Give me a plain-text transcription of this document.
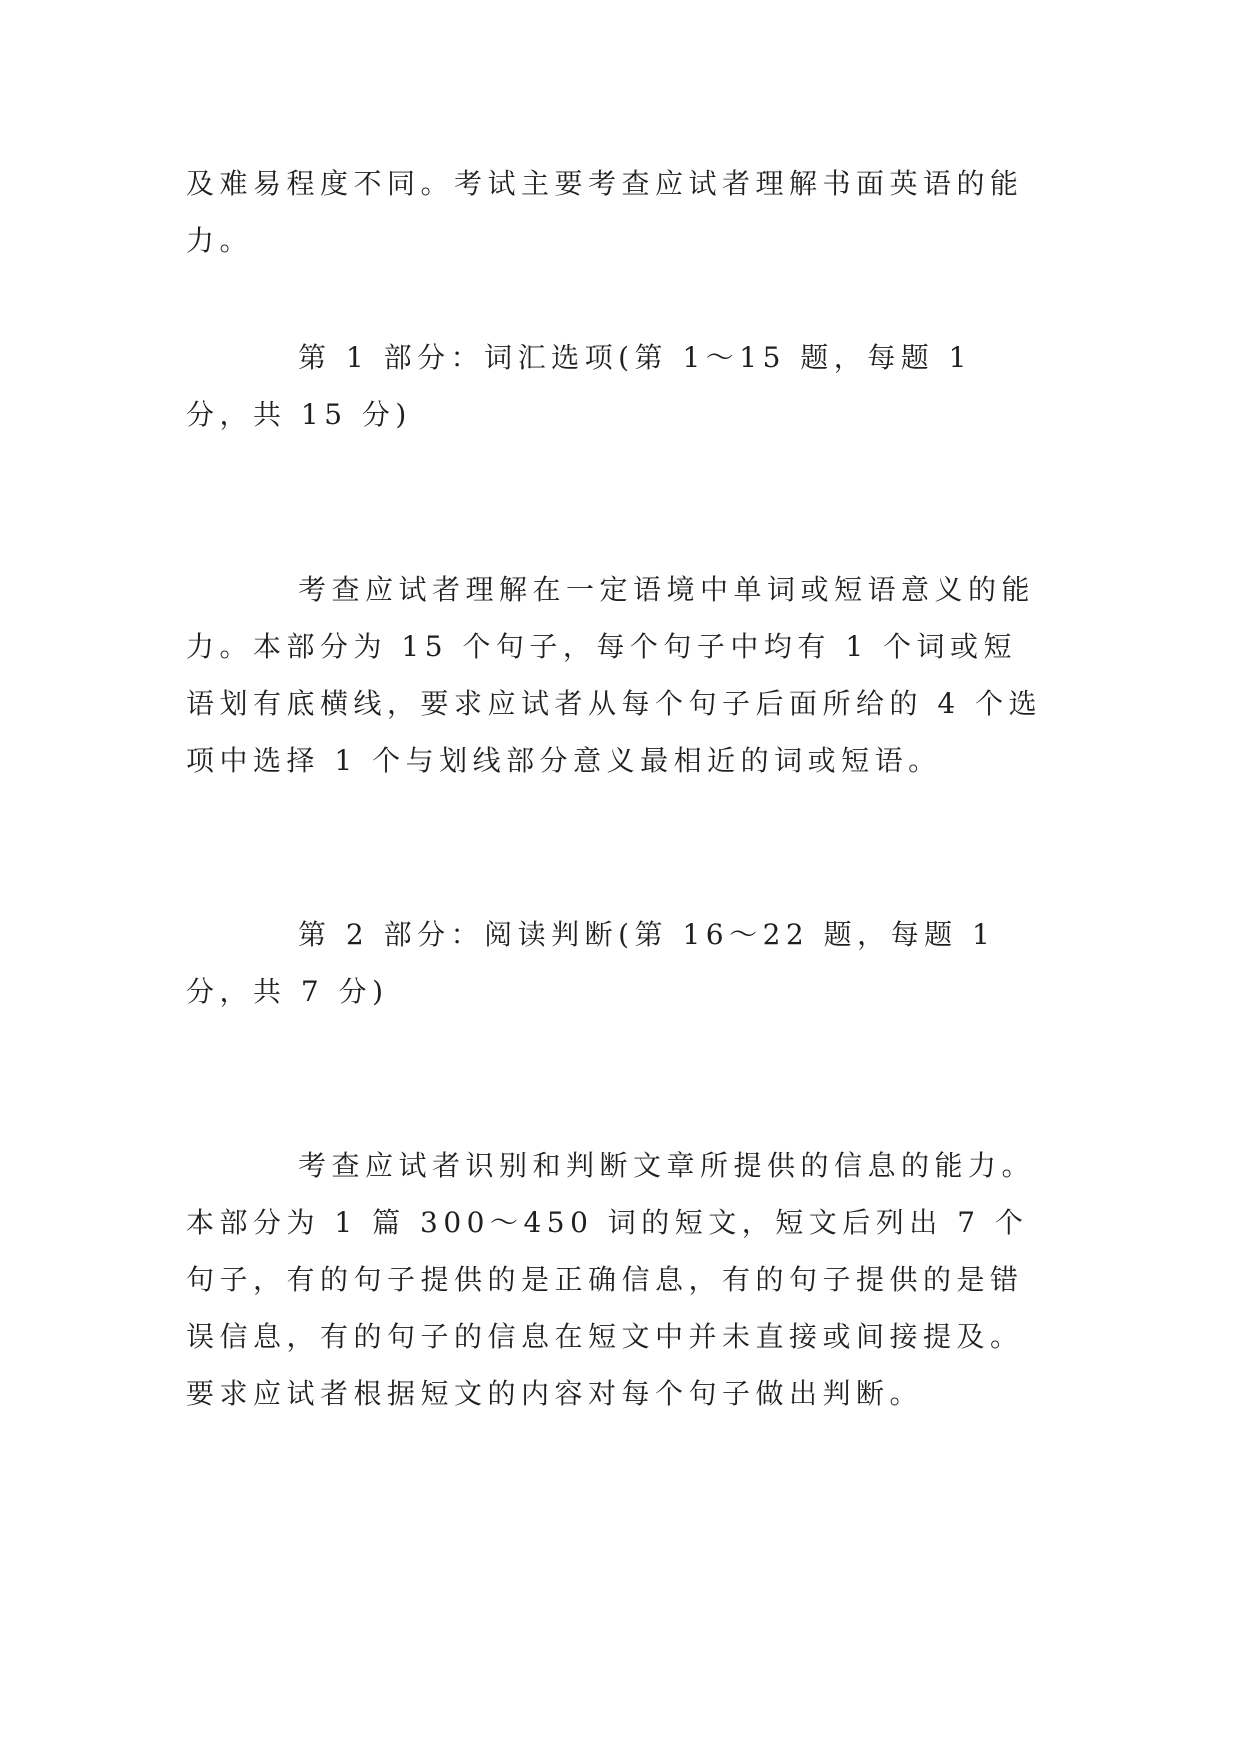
及难易程度不同。考试主要考查应试者理解书面英语的能力。

第 1 部分：词汇选项(第 1～15 题，每题 1 分，共 15 分)

考查应试者理解在一定语境中单词或短语意义的能力。本部分为 15 个句子，每个句子中均有 1 个词或短语划有底横线，要求应试者从每个句子后面所给的 4 个选项中选择 1 个与划线部分意义最相近的词或短语。

第 2 部分：阅读判断(第 16～22 题，每题 1 分，共 7 分)

考查应试者识别和判断文章所提供的信息的能力。本部分为 1 篇 300～450 词的短文，短文后列出 7 个句子，有的句子提供的是正确信息，有的句子提供的是错误信息，有的句子的信息在短文中并未直接或间接提及。要求应试者根据短文的内容对每个句子做出判断。
